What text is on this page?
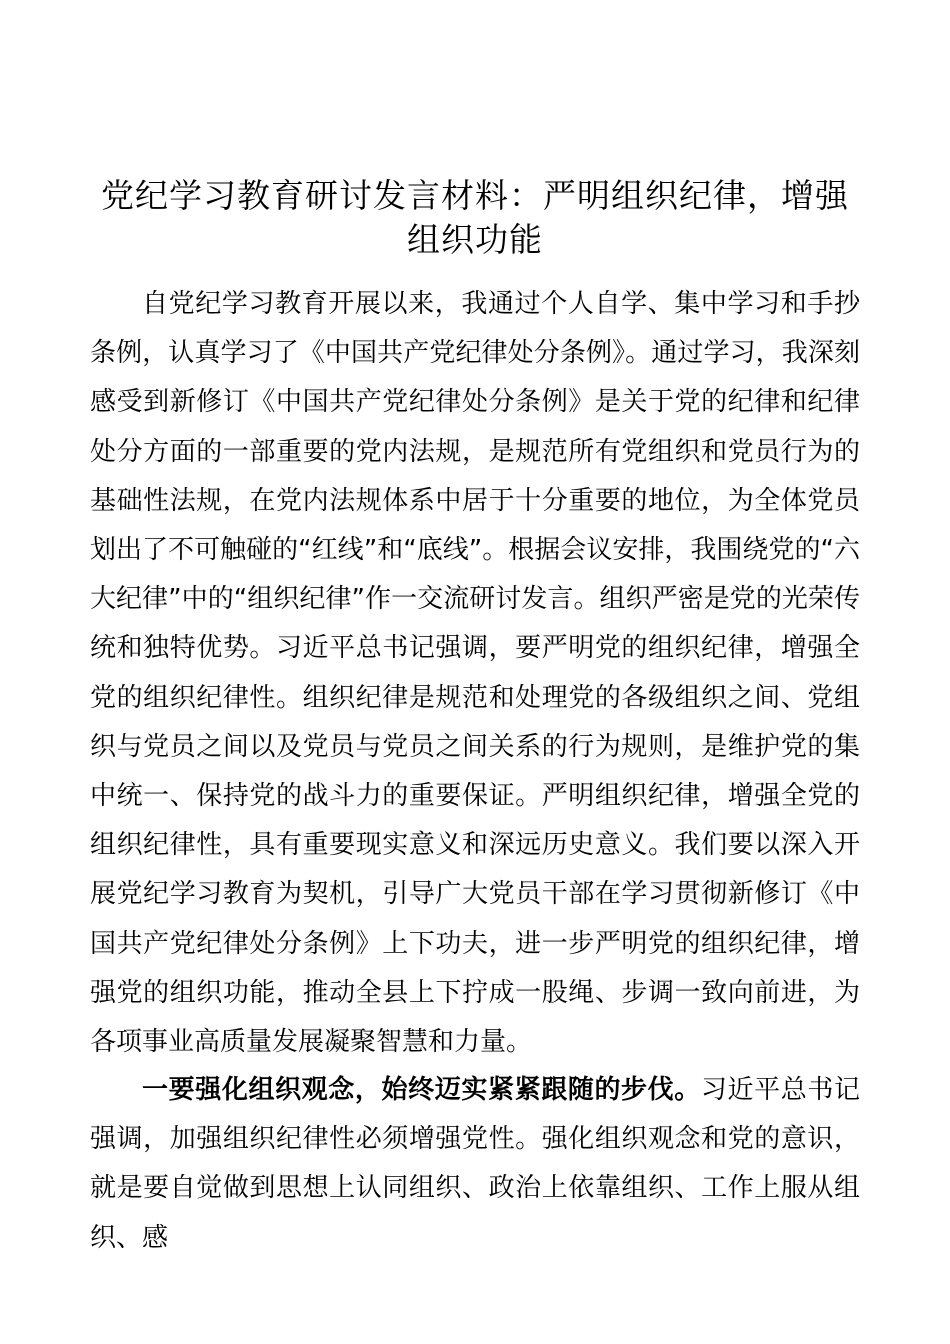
党纪学习教育研讨发言材料：严明组织纪律，增强组织功能

自党纪学习教育开展以来，我通过个人自学、集中学习和手抄条例，认真学习了《中国共产党纪律处分条例》。通过学习，我深刻感受到新修订《中国共产党纪律处分条例》是关于党的纪律和纪律处分方面的一部重要的党内法规，是规范所有党组织和党员行为的基础性法规，在党内法规体系中居于十分重要的地位，为全体党员划出了不可触碰的“红线”和“底线”。根据会议安排，我围绕党的“六大纪律”中的“组织纪律”作一交流研讨发言。组织严密是党的光荣传统和独特优势。习近平总书记强调，要严明党的组织纪律，增强全党的组织纪律性。组织纪律是规范和处理党的各级组织之间、党组织与党员之间以及党员与党员之间关系的行为规则，是维护党的集中统一、保持党的战斗力的重要保证。严明组织纪律，增强全党的组织纪律性，具有重要现实意义和深远历史意义。我们要以深入开展党纪学习教育为契机，引导广大党员干部在学习贯彻新修订《中国共产党纪律处分条例》上下功夫，进一步严明党的组织纪律，增强党的组织功能，推动全县上下拧成一股绳、步调一致向前进，为各项事业高质量发展凝聚智慧和力量。

一要强化组织观念，始终迈实紧紧跟随的步伐。习近平总书记强调，加强组织纪律性必须增强党性。强化组织观念和党的意识，就是要自觉做到思想上认同组织、政治上依靠组织、工作上服从组织、感
